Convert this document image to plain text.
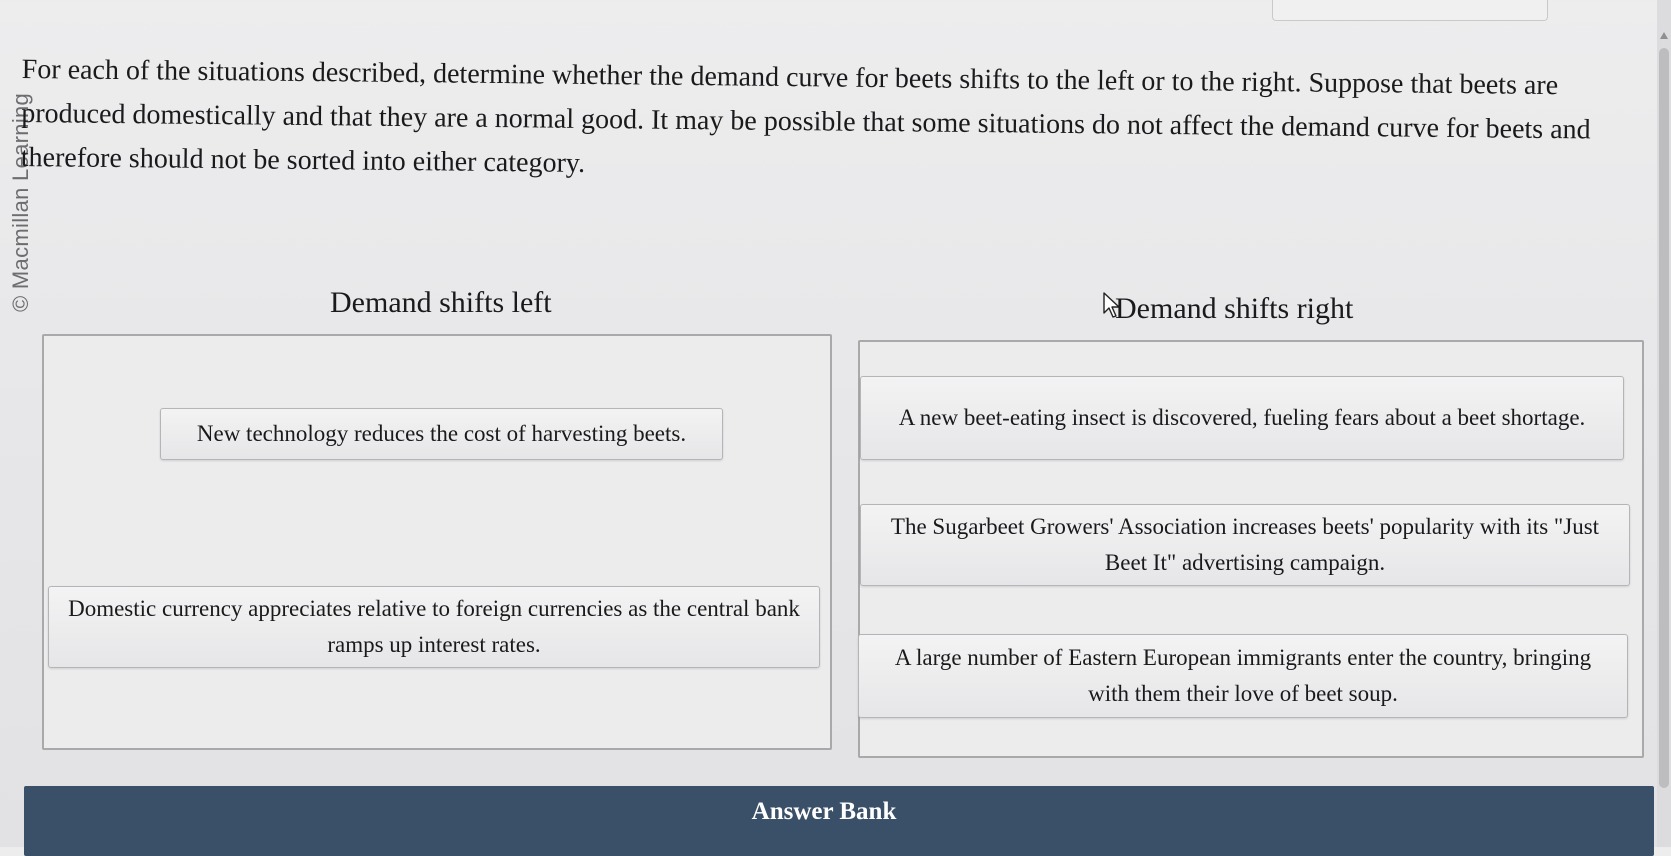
© Macmillan Learning

For each of the situations described, determine whether the demand curve for beets shifts to the left or to the right. Suppose that beets are produced domestically and that they are a normal good. It may be possible that some situations do not affect the demand curve for beets and therefore should not be sorted into either category.

Demand shifts left	Demand shifts right
New technology reduces the cost of harvesting beets.
Domestic currency appreciates relative to foreign currencies as the central bank ramps up interest rates.
A new beet-eating insect is discovered, fueling fears about a beet shortage.
The Sugarbeet Growers' Association increases beets' popularity with its "Just Beet It" advertising campaign.
A large number of Eastern European immigrants enter the country, bringing with them their love of beet soup.
Answer Bank
